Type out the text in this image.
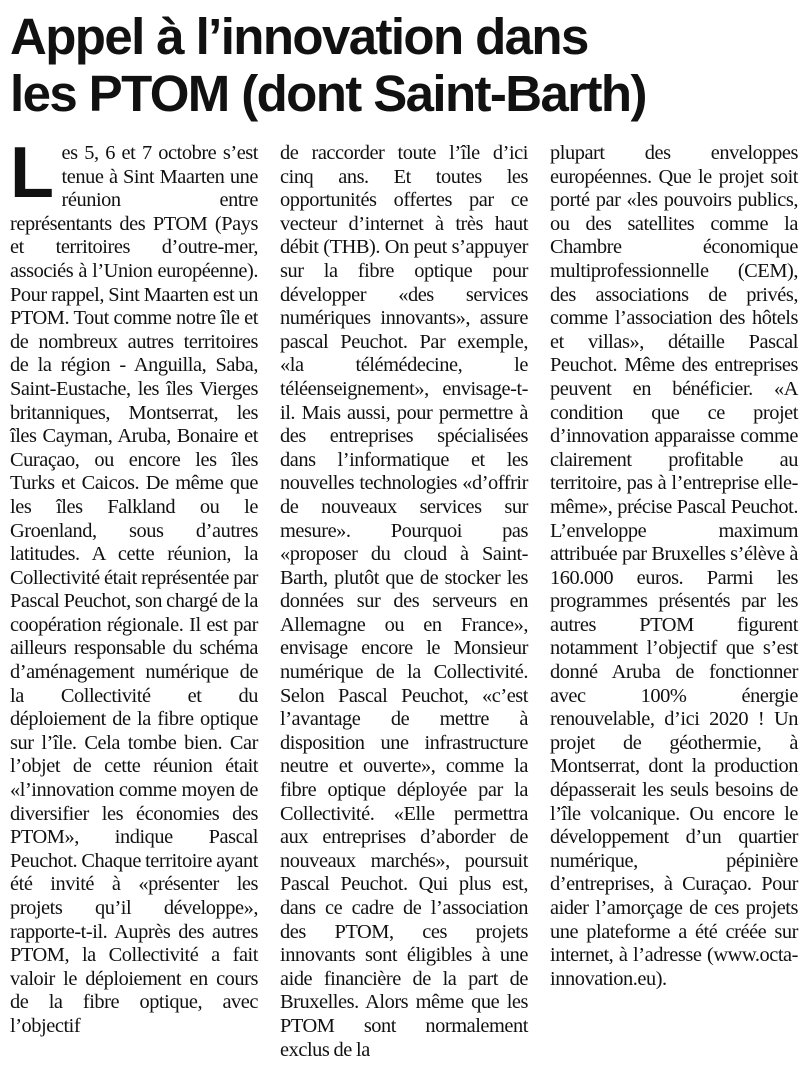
Appel à l’innovation dans
les PTOM (dont Saint-Barth)
L es 5, 6 et 7 octobre s’est tenue à Sint Maarten une réunion entre représentants des PTOM (Pays et territoires d’outre-mer, associés à l’Union européenne). Pour rappel, Sint Maarten est un PTOM. Tout comme notre île et de nombreux autres territoires de la région - Anguilla, Saba, Saint-Eustache, les îles Vierges britanniques, Montserrat, les îles Cayman, Aruba, Bonaire et Curaçao, ou encore les îles Turks et Caicos. De même que les îles Falkland ou le Groenland, sous d’autres latitudes. A cette réunion, la Collectivité était représentée par Pascal Peuchot, son chargé de la coopération régionale. Il est par ailleurs responsable du schéma d’aménagement numérique de la Collectivité et du déploiement de la fibre optique sur l’île. Cela tombe bien. Car l’objet de cette réunion était «l’innovation comme moyen de diversifier les économies des PTOM», indique Pascal Peuchot. Chaque territoire ayant été invité à «présenter les projets qu’il développe», rapporte-t-il. Auprès des autres PTOM, la Collectivité a fait valoir le déploiement en cours de la fibre optique, avec l’objectif

de raccorder toute l’île d’ici cinq ans. Et toutes les opportunités offertes par ce vecteur d’internet à très haut débit (THB). On peut s’appuyer sur la fibre optique pour développer «des services numériques innovants», assure pascal Peuchot. Par exemple, «la télémédecine, le téléenseignement», envisage-t-il. Mais aussi, pour permettre à des entreprises spécialisées dans l’informatique et les nouvelles technologies «d’offrir de nouveaux services sur mesure». Pourquoi pas «proposer du cloud à Saint-Barth, plutôt que de stocker les données sur des serveurs en Allemagne ou en France», envisage encore le Monsieur numérique de la Collectivité. Selon Pascal Peuchot, «c’est l’avantage de mettre à disposition une infrastructure neutre et ouverte», comme la fibre optique déployée par la Collectivité. «Elle permettra aux entreprises d’aborder de nouveaux marchés», poursuit Pascal Peuchot. Qui plus est, dans ce cadre de l’association des PTOM, ces projets innovants sont éligibles à une aide financière de la part de Bruxelles. Alors même que les PTOM sont normalement exclus de la

plupart des enveloppes européennes. Que le projet soit porté par «les pouvoirs publics, ou des satellites comme la Chambre économique multiprofessionnelle (CEM), des associations de privés, comme l’association des hôtels et villas», détaille Pascal Peuchot. Même des entreprises peuvent en bénéficier. «A condition que ce projet d’innovation apparaisse comme clairement profitable au territoire, pas à l’entreprise elle-même», précise Pascal Peuchot. L’enveloppe maximum attribuée par Bruxelles s’élève à 160.000 euros. Parmi les programmes présentés par les autres PTOM figurent notamment l’objectif que s’est donné Aruba de fonctionner avec 100% énergie renouvelable, d’ici 2020 ! Un projet de géothermie, à Montserrat, dont la production dépasserait les seuls besoins de l’île volcanique. Ou encore le développement d’un quartier numérique, pépinière d’entreprises, à Curaçao. Pour aider l’amorçage de ces projets une plateforme a été créée sur internet, à l’adresse (www.octa-innovation.eu).
